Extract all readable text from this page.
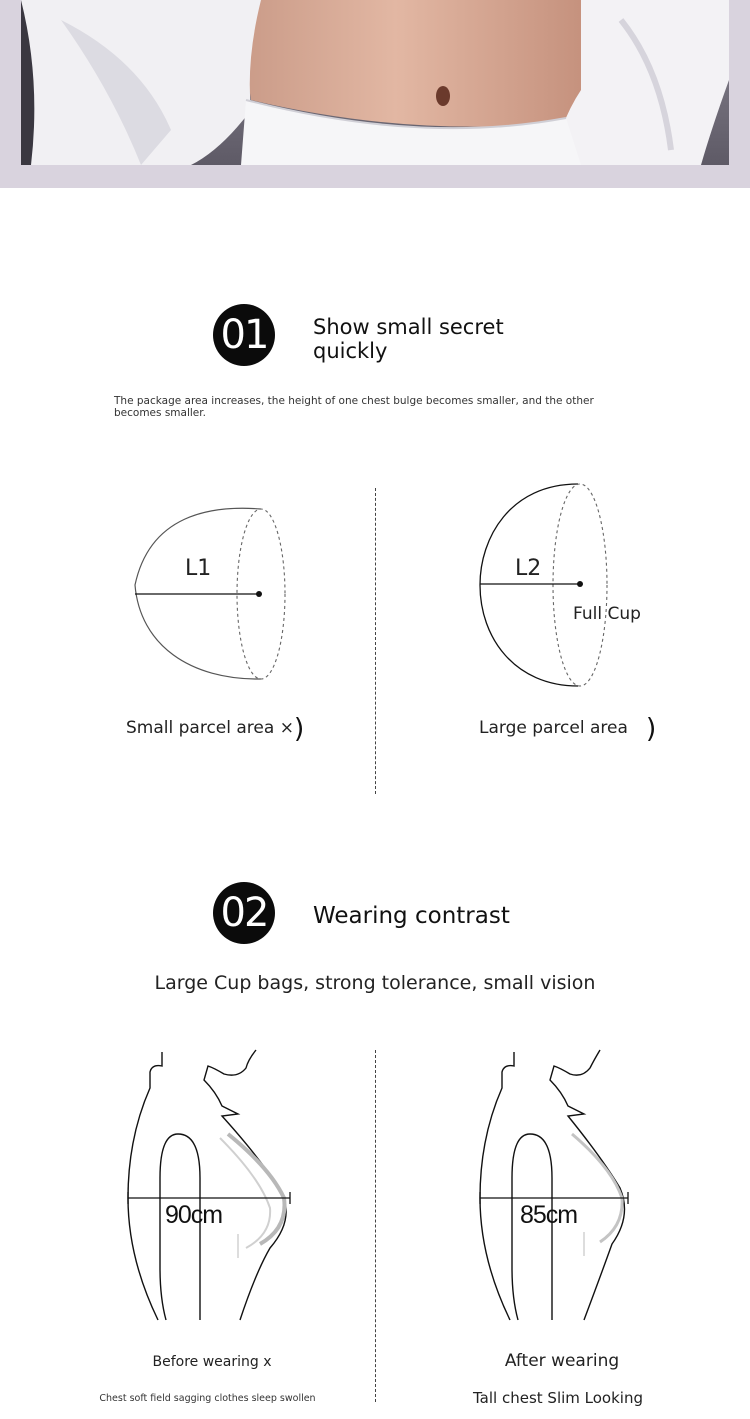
01 Show small secret quickly
The package area increases, the height of one chest bulge becomes smaller, and the other becomes smaller.
L1	L2
Full Cup
Small parcel area ×	Large parcel area
02 Wearing contrast
Large Cup bags, strong tolerance, small vision
90cm	85cm
Before wearing x	After wearing
Chest soft field sagging clothes sleep swollen	Tall chest Slim Looking
